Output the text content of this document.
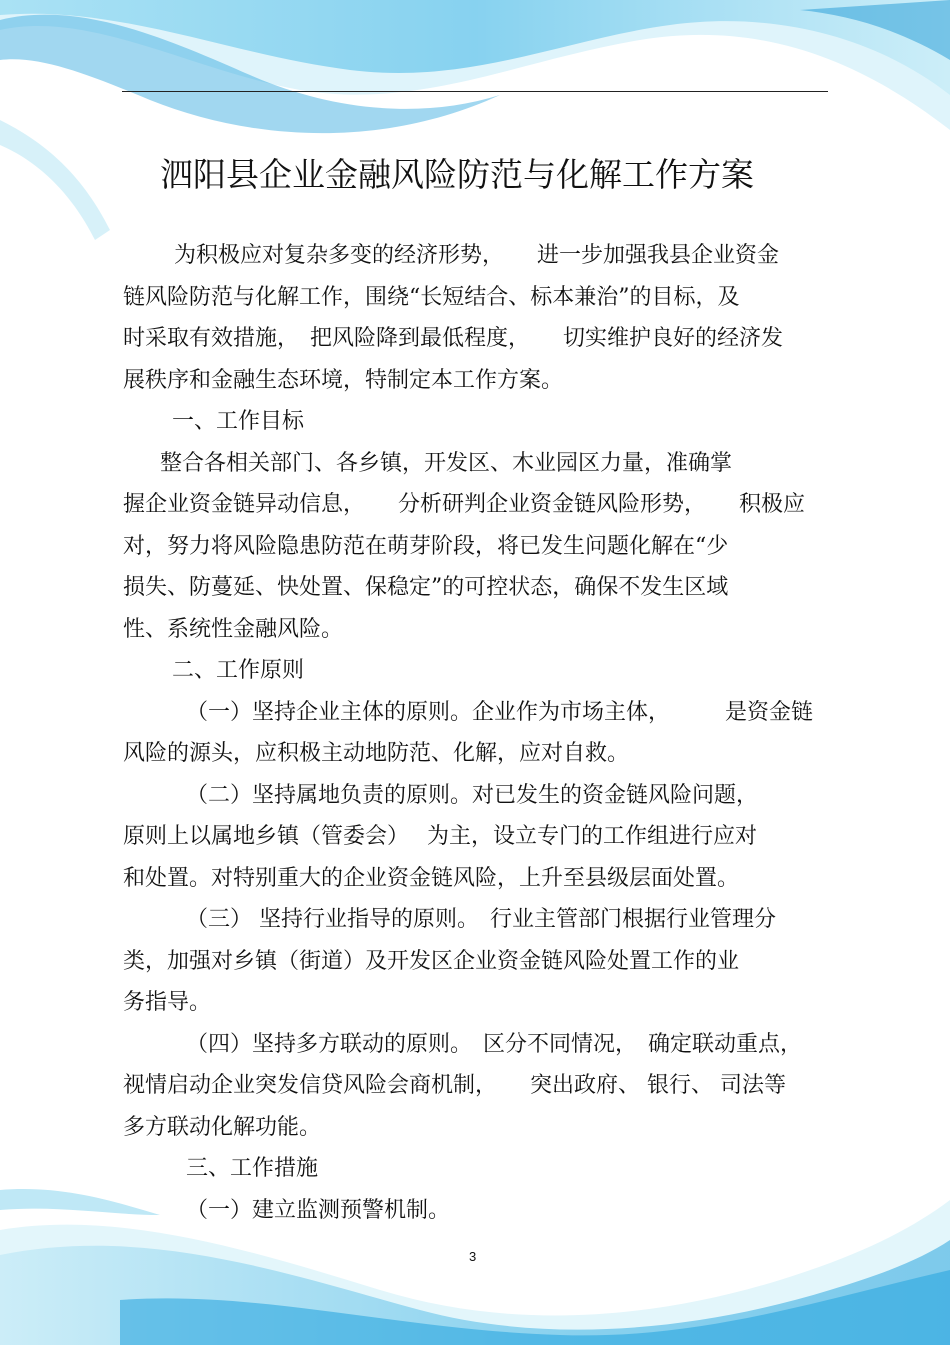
泗阳县企业金融风险防范与化解工作方案
为积极应对复杂多变的经济形势，　　进一步加强我县企业资金
链风险防范与化解工作，围绕“长短结合、标本兼治”的目标，及
时采取有效措施，　把风险降到最低程度，　　切实维护良好的经济发
展秩序和金融生态环境，特制定本工作方案。
一、工作目标
整合各相关部门、各乡镇，开发区、木业园区力量，准确掌
握企业资金链异动信息，　　分析研判企业资金链风险形势，　　积极应
对，努力将风险隐患防范在萌芽阶段，将已发生问题化解在“少
损失、防蔓延、快处置、保稳定”的可控状态，确保不发生区域
性、系统性金融风险。
二、工作原则
（一）坚持企业主体的原则。企业作为市场主体，　　　是资金链
风险的源头，应积极主动地防范、化解，应对自救。
（二）坚持属地负责的原则。对已发生的资金链风险问题，
原则上以属地乡镇（管委会）　 为主，设立专门的工作组进行应对
和处置。对特别重大的企业资金链风险，上升至县级层面处置。
（三） 坚持行业指导的原则。　行业主管部门根据行业管理分
类，加强对乡镇（街道）及开发区企业资金链风险处置工作的业
务指导。
（四）坚持多方联动的原则。　区分不同情况，　确定联动重点，
视情启动企业突发信贷风险会商机制，　　突出政府、 银行、 司法等
多方联动化解功能。
三、工作措施
（一）建立监测预警机制。
3
